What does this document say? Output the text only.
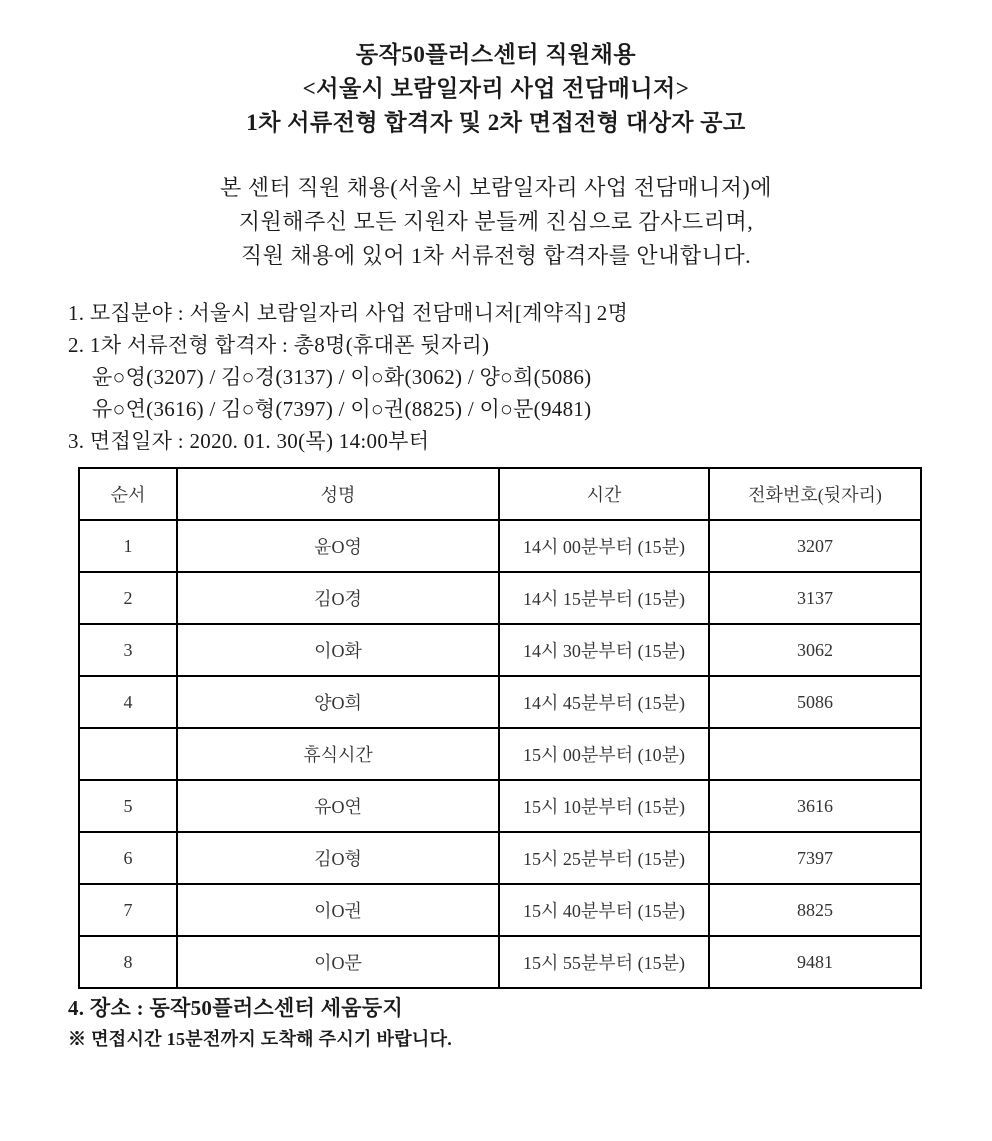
동작50플러스센터 직원채용
<서울시 보람일자리 사업 전담매니저>
1차 서류전형 합격자 및 2차 면접전형 대상자 공고
본 센터 직원 채용(서울시 보람일자리 사업 전담매니저)에
지원해주신 모든 지원자 분들께 진심으로 감사드리며,
직원 채용에 있어 1차 서류전형 합격자를 안내합니다.
1. 모집분야 : 서울시 보람일자리 사업 전담매니저[계약직] 2명
2. 1차 서류전형 합격자 : 총8명(휴대폰 뒷자리)
윤○영(3207) / 김○경(3137) / 이○화(3062) / 양○희(5086)
유○연(3616) / 김○형(7397) / 이○권(8825) / 이○문(9481)
3. 면접일자 : 2020. 01. 30(목) 14:00부터
순서	성명	시간	전화번호(뒷자리)
1	윤O영	14시 00분부터 (15분)	3207
2	김O경	14시 15분부터 (15분)	3137
3	이O화	14시 30분부터 (15분)	3062
4	양O희	14시 45분부터 (15분)	5086
	휴식시간	15시 00분부터 (10분)	
5	유O연	15시 10분부터 (15분)	3616
6	김O형	15시 25분부터 (15분)	7397
7	이O권	15시 40분부터 (15분)	8825
8	이O문	15시 55분부터 (15분)	9481
4. 장소 : 동작50플러스센터 세움둥지
※ 면접시간 15분전까지 도착해 주시기 바랍니다.
